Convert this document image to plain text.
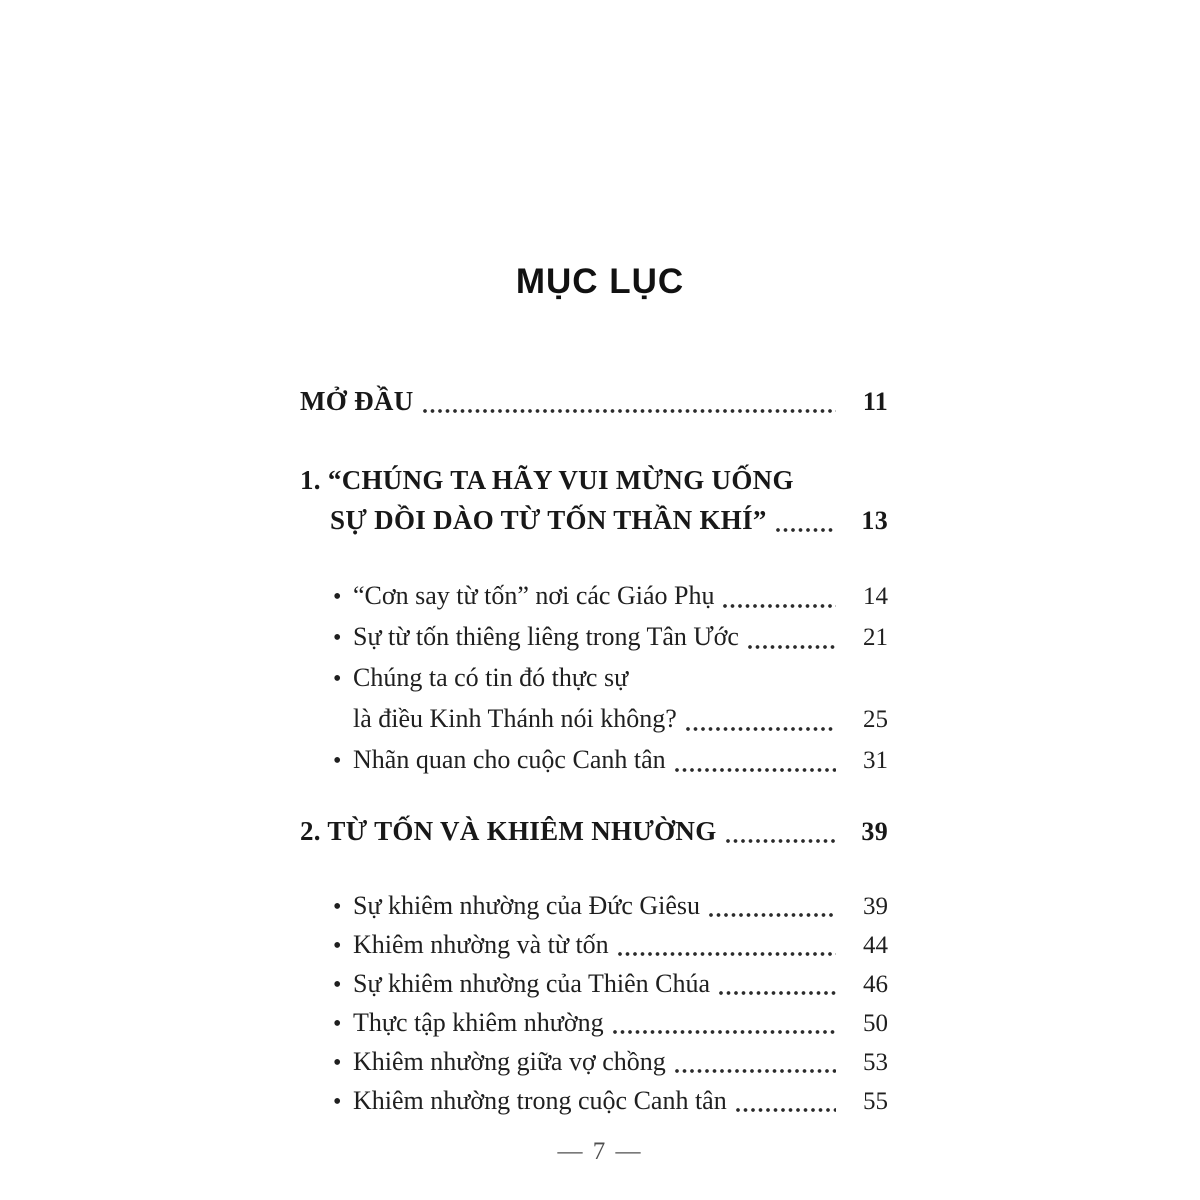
MỤC LỤC
MỞ ĐẦU	11
1. “CHÚNG TA HÃY VUI MỪNG UỐNG
SỰ DỒI DÀO TỪ TỐN THẦN KHÍ”	13
• “Cơn say từ tốn” nơi các Giáo Phụ	14
• Sự từ tốn thiêng liêng trong Tân Ước	21
• Chúng ta có tin đó thực sự
là điều Kinh Thánh nói không?	25
• Nhãn quan cho cuộc Canh tân	31
2. TỪ TỐN VÀ KHIÊM NHƯỜNG	39
• Sự khiêm nhường của Đức Giêsu	39
• Khiêm nhường và từ tốn	44
• Sự khiêm nhường của Thiên Chúa	46
• Thực tập khiêm nhường	50
• Khiêm nhường giữa vợ chồng	53
• Khiêm nhường trong cuộc Canh tân	55
— 7 —
